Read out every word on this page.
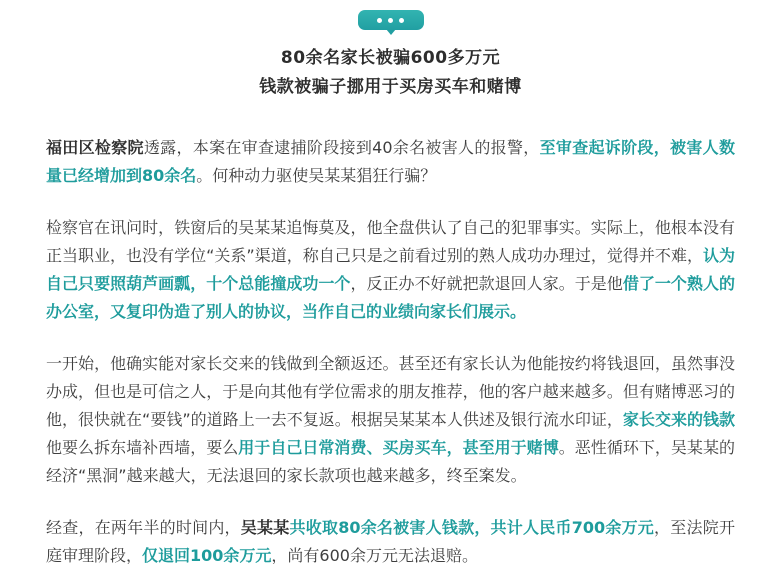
80余名家长被骗600多万元
钱款被骗子挪用于买房买车和赌博

福田区检察院透露，本案在审查逮捕阶段接到40余名被害人的报警，至审查起诉阶段，被害人数量已经增加到80余名。何种动力驱使吴某某猖狂行骗？

检察官在讯问时，铁窗后的吴某某追悔莫及，他全盘供认了自己的犯罪事实。实际上，他根本没有正当职业，也没有学位“关系”渠道，称自己只是之前看过别的熟人成功办理过，觉得并不难，认为自己只要照葫芦画瓢，十个总能撞成功一个，反正办不好就把款退回人家。于是他借了一个熟人的办公室，又复印伪造了别人的协议，当作自己的业绩向家长们展示。

一开始，他确实能对家长交来的钱做到全额返还。甚至还有家长认为他能按约将钱退回，虽然事没办成，但也是可信之人，于是向其他有学位需求的朋友推荐，他的客户越来越多。但有赌博恶习的他，很快就在“要钱”的道路上一去不复返。根据吴某某本人供述及银行流水印证，家长交来的钱款他要么拆东墙补西墙，要么用于自己日常消费、买房买车，甚至用于赌博。恶性循环下，吴某某的经济“黑洞”越来越大，无法退回的家长款项也越来越多，终至案发。

经查，在两年半的时间内，吴某某共收取80余名被害人钱款，共计人民币700余万元，至法院开庭审理阶段，仅退回100余万元，尚有600余万元无法退赔。
